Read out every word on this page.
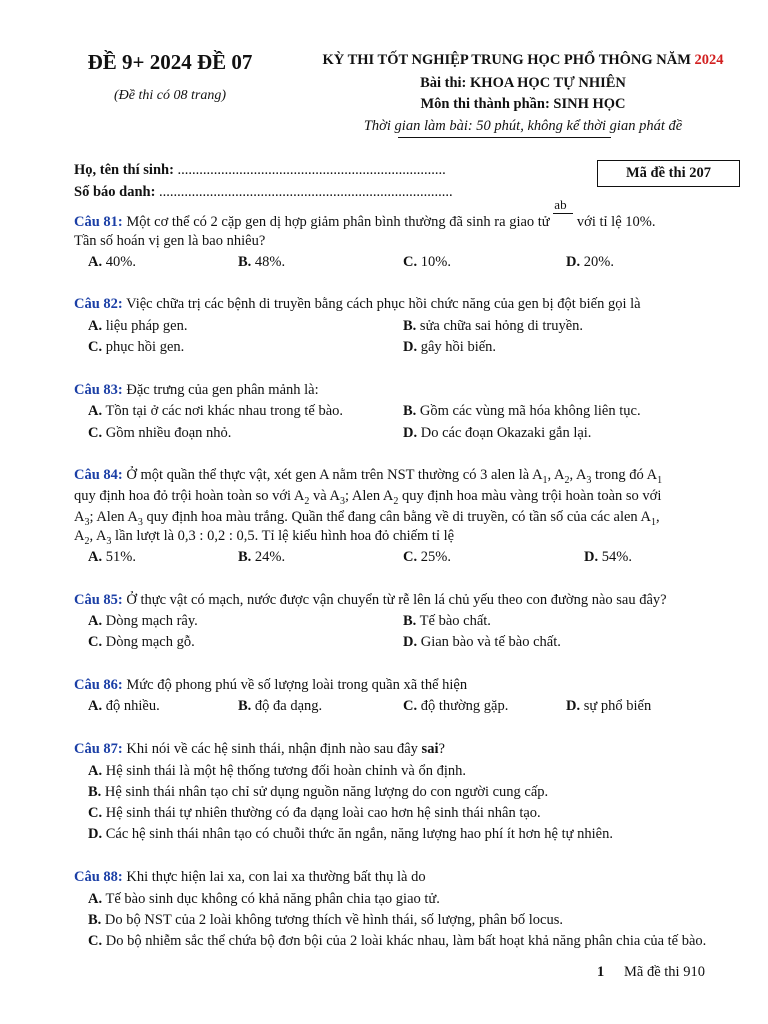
ĐỀ 9+ 2024 ĐỀ 07
(Đề thi có 08 trang)
KỲ THI TỐT NGHIỆP TRUNG HỌC PHỔ THÔNG NĂM 2024
Bài thi: KHOA HỌC TỰ NHIÊN
Môn thi thành phần: SINH HỌC
Thời gian làm bài: 50 phút, không kể thời gian phát đề
Họ, tên thí sinh: ..........................................................................
Số báo danh: .................................................................................
Mã đề thi 207
Câu 81: Một cơ thể có 2 cặp gen dị hợp giảm phân bình thường đã sinh ra giao tử
ab
với tỉ lệ 10%.
Tần số hoán vị gen là bao nhiêu?
A. 40%.	B. 48%.	C. 10%.	D. 20%.
Câu 82: Việc chữa trị các bệnh di truyền bằng cách phục hồi chức năng của gen bị đột biến gọi là
A. liệu pháp gen.	B. sửa chữa sai hỏng di truyền.
C. phục hồi gen.	D. gây hồi biến.
Câu 83: Đặc trưng của gen phân mảnh là:
A. Tồn tại ở các nơi khác nhau trong tế bào.	B. Gồm các vùng mã hóa không liên tục.
C. Gồm nhiều đoạn nhỏ.	D. Do các đoạn Okazaki gắn lại.
Câu 84: Ở một quần thể thực vật, xét gen A nằm trên NST thường có 3 alen là $A_1$, $A_2$, $A_3$ trong đó $A_1$
quy định hoa đỏ trội hoàn toàn so với $A_2$ và $A_3$; Alen $A_2$ quy định hoa màu vàng trội hoàn toàn so với
$A_3$; Alen $A_3$ quy định hoa màu trắng. Quần thể đang cân bằng về di truyền, có tần số của các alen $A_1$,
$A_2$, $A_3$ lần lượt là 0,3 : 0,2 : 0,5. Tỉ lệ kiểu hình hoa đỏ chiếm tỉ lệ
A. 51%.	B. 24%.	C. 25%.	D. 54%.
Câu 85: Ở thực vật có mạch, nước được vận chuyển từ rễ lên lá chủ yếu theo con đường nào sau đây?
A. Dòng mạch rây.	B. Tế bào chất.
C. Dòng mạch gỗ.	D. Gian bào và tế bào chất.
Câu 86: Mức độ phong phú về số lượng loài trong quần xã thể hiện
A. độ nhiều.	B. độ đa dạng.	C. độ thường gặp.	D. sự phổ biến
Câu 87: Khi nói về các hệ sinh thái, nhận định nào sau đây sai?
A. Hệ sinh thái là một hệ thống tương đối hoàn chỉnh và ổn định.
B. Hệ sinh thái nhân tạo chỉ sử dụng nguồn năng lượng do con người cung cấp.
C. Hệ sinh thái tự nhiên thường có đa dạng loài cao hơn hệ sinh thái nhân tạo.
D. Các hệ sinh thái nhân tạo có chuỗi thức ăn ngắn, năng lượng hao phí ít hơn hệ tự nhiên.
Câu 88: Khi thực hiện lai xa, con lai xa thường bất thụ là do
A. Tế bào sinh dục không có khả năng phân chia tạo giao tử.
B. Do bộ NST của 2 loài không tương thích về hình thái, số lượng, phân bố locus.
C. Do bộ nhiễm sắc thể chứa bộ đơn bội của 2 loài khác nhau, làm bất hoạt khả năng phân chia của tế bào.
1 Mã đề thi 910
